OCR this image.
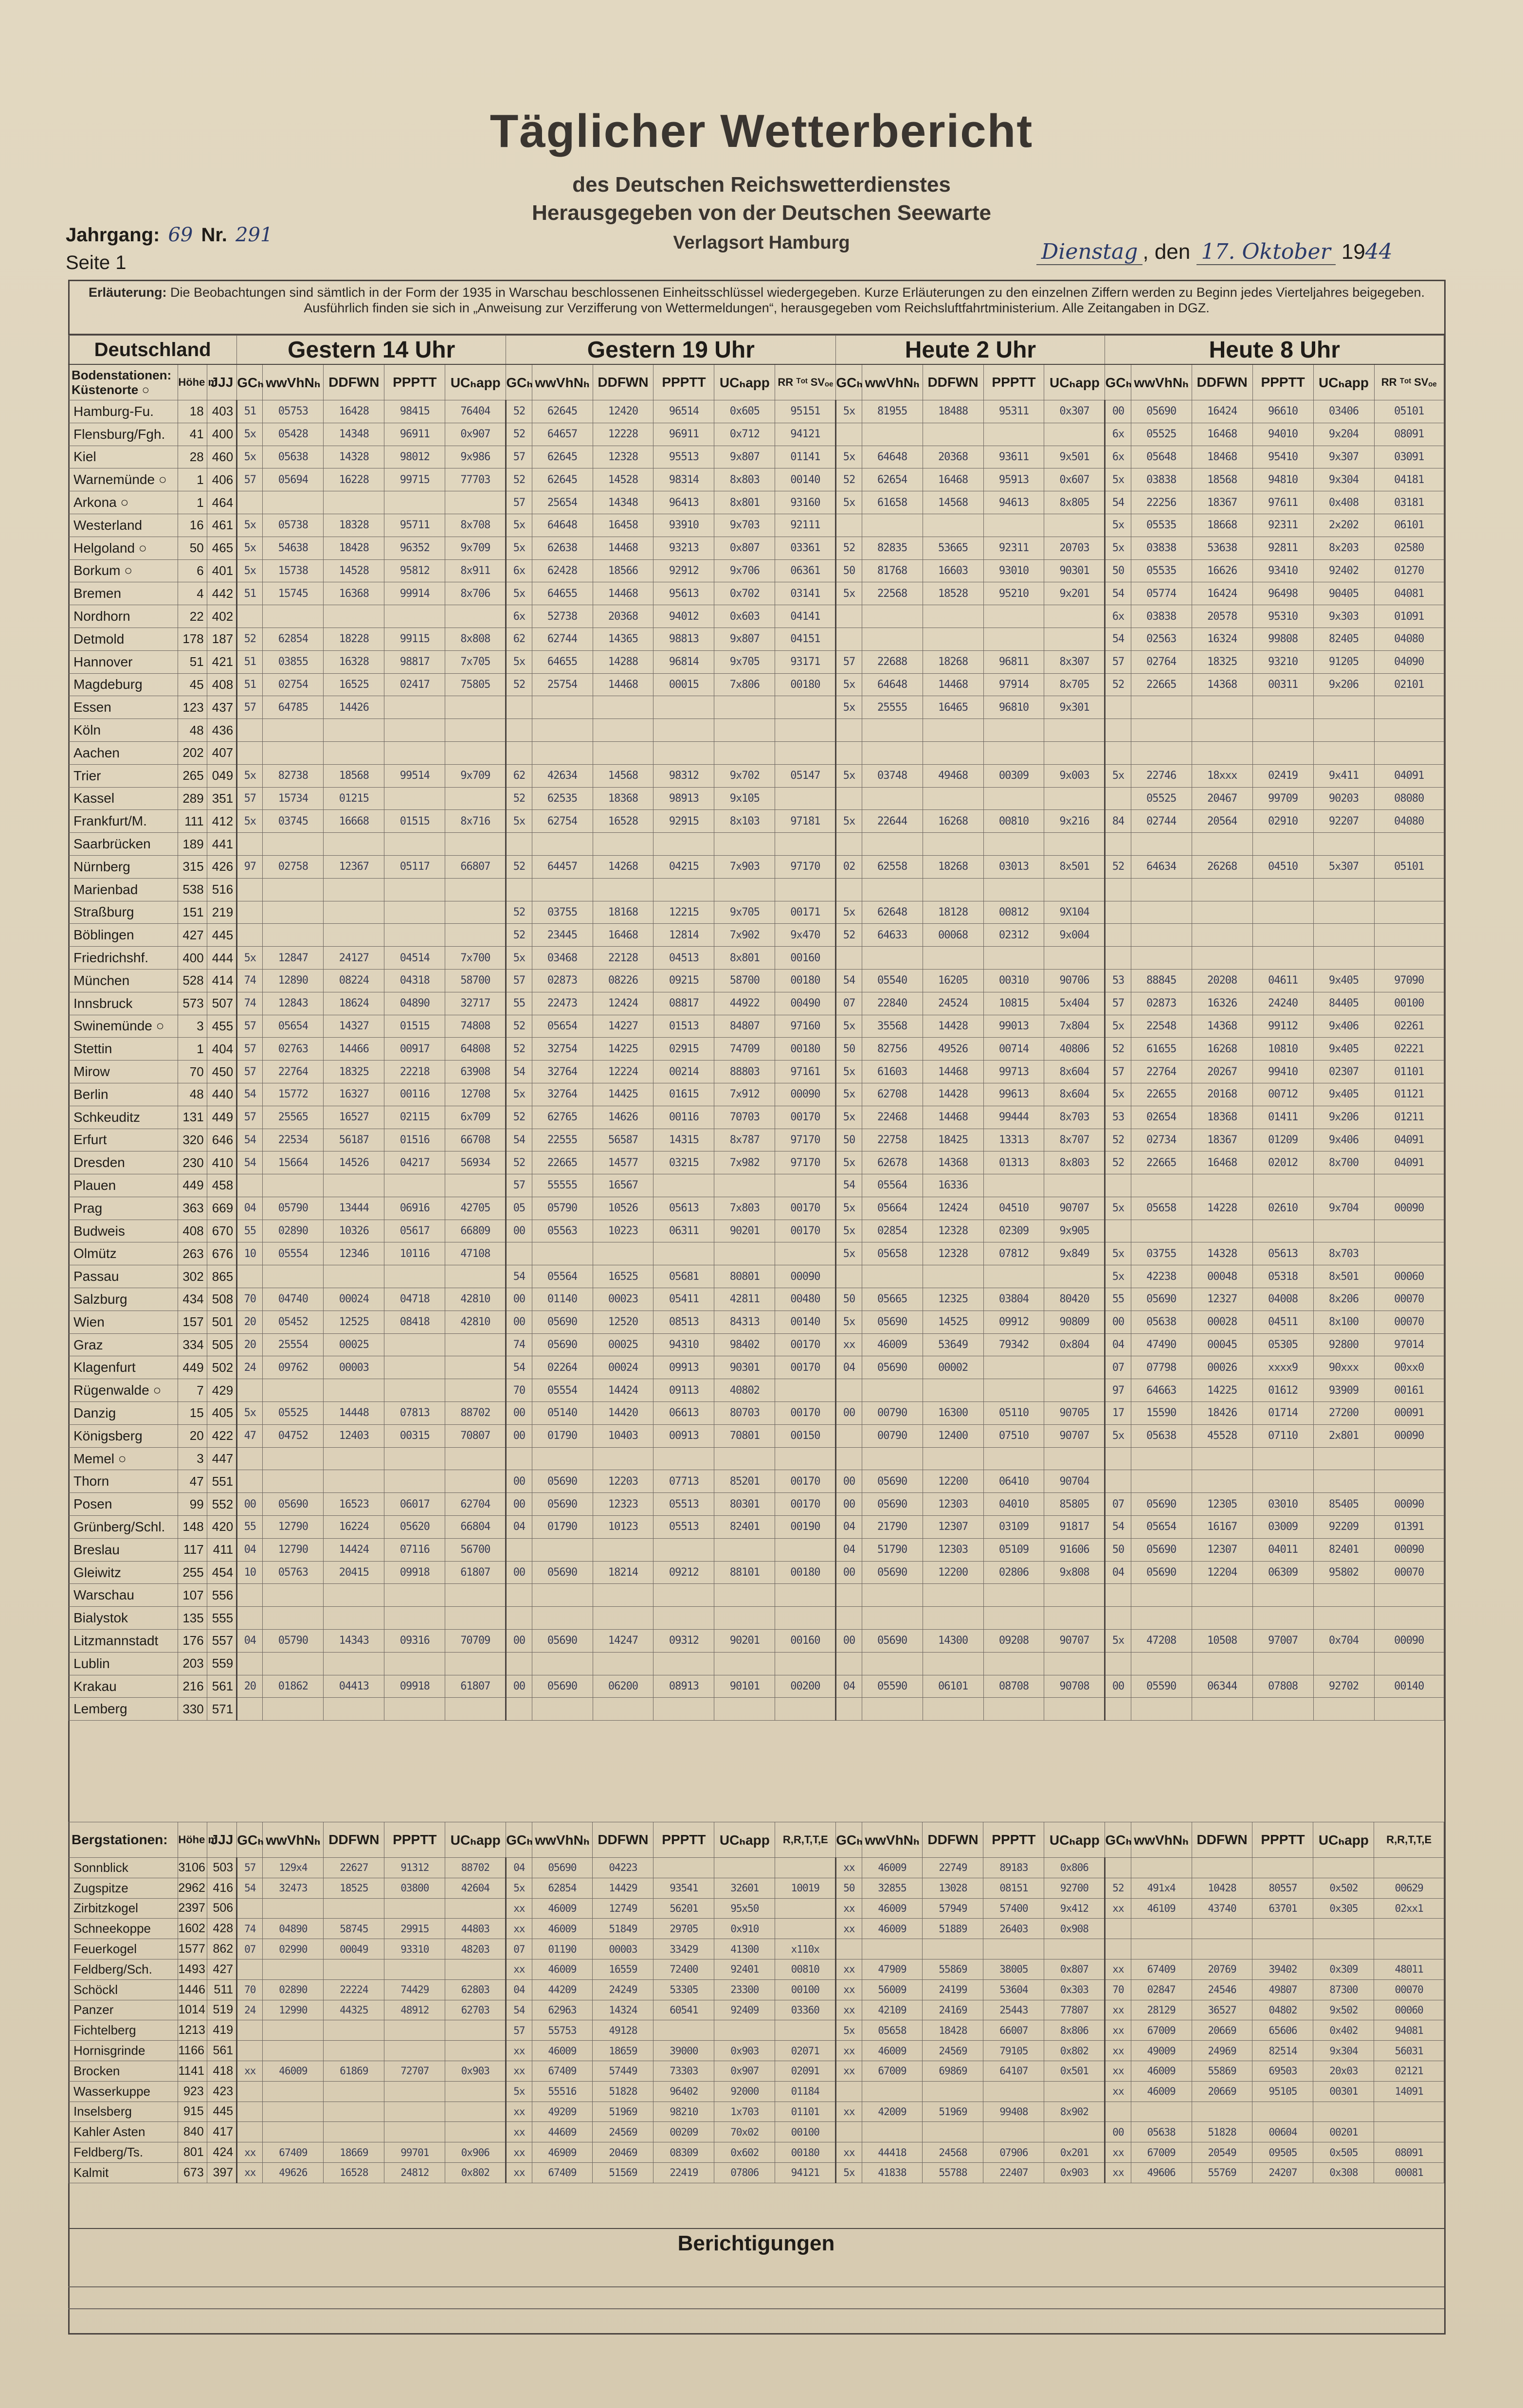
Täglicher Wetterbericht
des Deutschen Reichswetterdienstes
Herausgegeben von der Deutschen Seewarte
Verlagsort Hamburg
Jahrgang: 69 Nr. 291
Seite 1	Dienstag , den 17. Oktober 1944
Erläuterung: Die Beobachtungen sind sämtlich in der Form der 1935 in Warschau beschlossenen Einheitsschlüssel wiedergegeben. Kurze Erläuterungen zu den einzelnen Ziffern werden zu Beginn jedes Vierteljahres beigegeben. Ausführlich finden sie sich in „Anweisung zur Verzifferung von Wettermeldungen“, herausgegeben vom Reichsluftfahrtministerium. Alle Zeitangaben in DGZ.
Deutschland			Gestern 14 Uhr					Gestern 19 Uhr						Heute 2 Uhr					Heute 8 Uhr					
Bodenstationen:
Küstenorte ○	Höhe m	JJJ	GCₕ	wwVhNₕ	DDFWN	PPPTT	UCₕapp	GCₕ	wwVhNₕ	DDFWN	PPPTT	UCₕapp	RR ᵀᵒᵗ SVₒₑ	GCₕ	wwVhNₕ	DDFWN	PPPTT	UCₕapp	GCₕ	wwVhNₕ	DDFWN	PPPTT	UCₕapp	RR ᵀᵒᵗ SVₒₑ
Hamburg-Fu.	18	403	51	05753	16428	98415	76404	52	62645	12420	96514	0x605	95151	5x	81955	18488	95311	0x307	00	05690	16424	96610	03406	05101
Flensburg/Fgh.	41	400	5x	05428	14348	96911	0x907	52	64657	12228	96911	0x712	94121						6x	05525	16468	94010	9x204	08091
Kiel	28	460	5x	05638	14328	98012	9x986	57	62645	12328	95513	9x807	01141	5x	64648	20368	93611	9x501	6x	05648	18468	95410	9x307	03091
Warnemünde ○	1	406	57	05694	16228	99715	77703	52	62645	14528	98314	8x803	00140	52	62654	16468	95913	0x607	5x	03838	18568	94810	9x304	04181
Arkona ○	1	464						57	25654	14348	96413	8x801	93160	5x	61658	14568	94613	8x805	54	22256	18367	97611	0x408	03181
Westerland	16	461	5x	05738	18328	95711	8x708	5x	64648	16458	93910	9x703	92111						5x	05535	18668	92311	2x202	06101
Helgoland ○	50	465	5x	54638	18428	96352	9x709	5x	62638	14468	93213	0x807	03361	52	82835	53665	92311	20703	5x	03838	53638	92811	8x203	02580
Borkum ○	6	401	5x	15738	14528	95812	8x911	6x	62428	18566	92912	9x706	06361	50	81768	16603	93010	90301	50	05535	16626	93410	92402	01270
Bremen	4	442	51	15745	16368	99914	8x706	5x	64655	14468	95613	0x702	03141	5x	22568	18528	95210	9x201	54	05774	16424	96498	90405	04081
Nordhorn	22	402						6x	52738	20368	94012	0x603	04141						6x	03838	20578	95310	9x303	01091
Detmold	178	187	52	62854	18228	99115	8x808	62	62744	14365	98813	9x807	04151						54	02563	16324	99808	82405	04080
Hannover	51	421	51	03855	16328	98817	7x705	5x	64655	14288	96814	9x705	93171	57	22688	18268	96811	8x307	57	02764	18325	93210	91205	04090
Magdeburg	45	408	51	02754	16525	02417	75805	52	25754	14468	00015	7x806	00180	5x	64648	14468	97914	8x705	52	22665	14368	00311	9x206	02101
Essen	123	437	57	64785	14426									5x	25555	16465	96810	9x301						
Köln	48	436																						
Aachen	202	407																						
Trier	265	049	5x	82738	18568	99514	9x709	62	42634	14568	98312	9x702	05147	5x	03748	49468	00309	9x003	5x	22746	18xxx	02419	9x411	04091
Kassel	289	351	57	15734	01215			52	62535	18368	98913	9x105								05525	20467	99709	90203	08080
Frankfurt/M.	111	412	5x	03745	16668	01515	8x716	5x	62754	16528	92915	8x103	97181	5x	22644	16268	00810	9x216	84	02744	20564	02910	92207	04080
Saarbrücken	189	441																						
Nürnberg	315	426	97	02758	12367	05117	66807	52	64457	14268	04215	7x903	97170	02	62558	18268	03013	8x501	52	64634	26268	04510	5x307	05101
Marienbad	538	516																						
Straßburg	151	219						52	03755	18168	12215	9x705	00171	5x	62648	18128	00812	9X104						
Böblingen	427	445						52	23445	16468	12814	7x902	9x470	52	64633	00068	02312	9x004						
Friedrichshf.	400	444	5x	12847	24127	04514	7x700	5x	03468	22128	04513	8x801	00160											
München	528	414	74	12890	08224	04318	58700	57	02873	08226	09215	58700	00180	54	05540	16205	00310	90706	53	88845	20208	04611	9x405	97090
Innsbruck	573	507	74	12843	18624	04890	32717	55	22473	12424	08817	44922	00490	07	22840	24524	10815	5x404	57	02873	16326	24240	84405	00100
Swinemünde ○	3	455	57	05654	14327	01515	74808	52	05654	14227	01513	84807	97160	5x	35568	14428	99013	7x804	5x	22548	14368	99112	9x406	02261
Stettin	1	404	57	02763	14466	00917	64808	52	32754	14225	02915	74709	00180	50	82756	49526	00714	40806	52	61655	16268	10810	9x405	02221
Mirow	70	450	57	22764	18325	22218	63908	54	32764	12224	00214	88803	97161	5x	61603	14468	99713	8x604	57	22764	20267	99410	02307	01101
Berlin	48	440	54	15772	16327	00116	12708	5x	32764	14425	01615	7x912	00090	5x	62708	14428	99613	8x604	5x	22655	20168	00712	9x405	01121
Schkeuditz	131	449	57	25565	16527	02115	6x709	52	62765	14626	00116	70703	00170	5x	22468	14468	99444	8x703	53	02654	18368	01411	9x206	01211
Erfurt	320	646	54	22534	56187	01516	66708	54	22555	56587	14315	8x787	97170	50	22758	18425	13313	8x707	52	02734	18367	01209	9x406	04091
Dresden	230	410	54	15664	14526	04217	56934	52	22665	14577	03215	7x982	97170	5x	62678	14368	01313	8x803	52	22665	16468	02012	8x700	04091
Plauen	449	458						57	55555	16567				54	05564	16336								
Prag	363	669	04	05790	13444	06916	42705	05	05790	10526	05613	7x803	00170	5x	05664	12424	04510	90707	5x	05658	14228	02610	9x704	00090
Budweis	408	670	55	02890	10326	05617	66809	00	05563	10223	06311	90201	00170	5x	02854	12328	02309	9x905						
Olmütz	263	676	10	05554	12346	10116	47108							5x	05658	12328	07812	9x849	5x	03755	14328	05613	8x703	
Passau	302	865						54	05564	16525	05681	80801	00090						5x	42238	00048	05318	8x501	00060
Salzburg	434	508	70	04740	00024	04718	42810	00	01140	00023	05411	42811	00480	50	05665	12325	03804	80420	55	05690	12327	04008	8x206	00070
Wien	157	501	20	05452	12525	08418	42810	00	05690	12520	08513	84313	00140	5x	05690	14525	09912	90809	00	05638	00028	04511	8x100	00070
Graz	334	505	20	25554	00025			74	05690	00025	94310	98402	00170	xx	46009	53649	79342	0x804	04	47490	00045	05305	92800	97014
Klagenfurt	449	502	24	09762	00003			54	02264	00024	09913	90301	00170	04	05690	00002			07	07798	00026	xxxx9	90xxx	00xx0
Rügenwalde ○	7	429						70	05554	14424	09113	40802							97	64663	14225	01612	93909	00161
Danzig	15	405	5x	05525	14448	07813	88702	00	05140	14420	06613	80703	00170	00	00790	16300	05110	90705	17	15590	18426	01714	27200	00091
Königsberg	20	422	47	04752	12403	00315	70807	00	01790	10403	00913	70801	00150		00790	12400	07510	90707	5x	05638	45528	07110	2x801	00090
Memel ○	3	447																						
Thorn	47	551						00	05690	12203	07713	85201	00170	00	05690	12200	06410	90704						
Posen	99	552	00	05690	16523	06017	62704	00	05690	12323	05513	80301	00170	00	05690	12303	04010	85805	07	05690	12305	03010	85405	00090
Grünberg/Schl.	148	420	55	12790	16224	05620	66804	04	01790	10123	05513	82401	00190	04	21790	12307	03109	91817	54	05654	16167	03009	92209	01391
Breslau	117	411	04	12790	14424	07116	56700							04	51790	12303	05109	91606	50	05690	12307	04011	82401	00090
Gleiwitz	255	454	10	05763	20415	09918	61807	00	05690	18214	09212	88101	00180	00	05690	12200	02806	9x808	04	05690	12204	06309	95802	00070
Warschau	107	556																						
Bialystok	135	555																						
Litzmannstadt	176	557	04	05790	14343	09316	70709	00	05690	14247	09312	90201	00160	00	05690	14300	09208	90707	5x	47208	10508	97007	0x704	00090
Lublin	203	559																						
Krakau	216	561	20	01862	04413	09918	61807	00	05690	06200	08913	90101	00200	04	05590	06101	08708	90708	00	05590	06344	07808	92702	00140
Lemberg	330	571																						
Bergstationen:	Höhe m	JJJ	GCₕ	wwVhNₕ	DDFWN	PPPTT	UCₕapp	GCₕ	wwVhNₕ	DDFWN	PPPTT	UCₕapp	R,R,T,T,E	GCₕ	wwVhNₕ	DDFWN	PPPTT	UCₕapp	GCₕ	wwVhNₕ	DDFWN	PPPTT	UCₕapp	R,R,T,T,E
Sonnblick	3106	503	57	129x4	22627	91312	88702	04	05690	04223				xx	46009	22749	89183	0x806						
Zugspitze	2962	416	54	32473	18525	03800	42604	5x	62854	14429	93541	32601	10019	50	32855	13028	08151	92700	52	491x4	10428	80557	0x502	00629
Zirbitzkogel	2397	506						xx	46009	12749	56201	95x50		xx	46009	57949	57400	9x412	xx	46109	43740	63701	0x305	02xx1
Schneekoppe	1602	428	74	04890	58745	29915	44803	xx	46009	51849	29705	0x910		xx	46009	51889	26403	0x908						
Feuerkogel	1577	862	07	02990	00049	93310	48203	07	01190	00003	33429	41300	x110x											
Feldberg/Sch.	1493	427						xx	46009	16559	72400	92401	00810	xx	47909	55869	38005	0x807	xx	67409	20769	39402	0x309	48011
Schöckl	1446	511	70	02890	22224	74429	62803	04	44209	24249	53305	23300	00100	xx	56009	24199	53604	0x303	70	02847	24546	49807	87300	00070
Panzer	1014	519	24	12990	44325	48912	62703	54	62963	14324	60541	92409	03360	xx	42109	24169	25443	77807	xx	28129	36527	04802	9x502	00060
Fichtelberg	1213	419						57	55753	49128				5x	05658	18428	66007	8x806	xx	67009	20669	65606	0x402	94081
Hornisgrinde	1166	561						xx	46009	18659	39000	0x903	02071	xx	46009	24569	79105	0x802	xx	49009	24969	82514	9x304	56031
Brocken	1141	418	xx	46009	61869	72707	0x903	xx	67409	57449	73303	0x907	02091	xx	67009	69869	64107	0x501	xx	46009	55869	69503	20x03	02121
Wasserkuppe	923	423						5x	55516	51828	96402	92000	01184						xx	46009	20669	95105	00301	14091
Inselsberg	915	445						xx	49209	51969	98210	1x703	01101	xx	42009	51969	99408	8x902						
Kahler Asten	840	417						xx	44609	24569	00209	70x02	00100						00	05638	51828	00604	00201	
Feldberg/Ts.	801	424	xx	67409	18669	99701	0x906	xx	46909	20469	08309	0x602	00180	xx	44418	24568	07906	0x201	xx	67009	20549	09505	0x505	08091
Kalmit	673	397	xx	49626	16528	24812	0x802	xx	67409	51569	22419	07806	94121	5x	41838	55788	22407	0x903	xx	49606	55769	24207	0x308	00081
Berichtigungen
